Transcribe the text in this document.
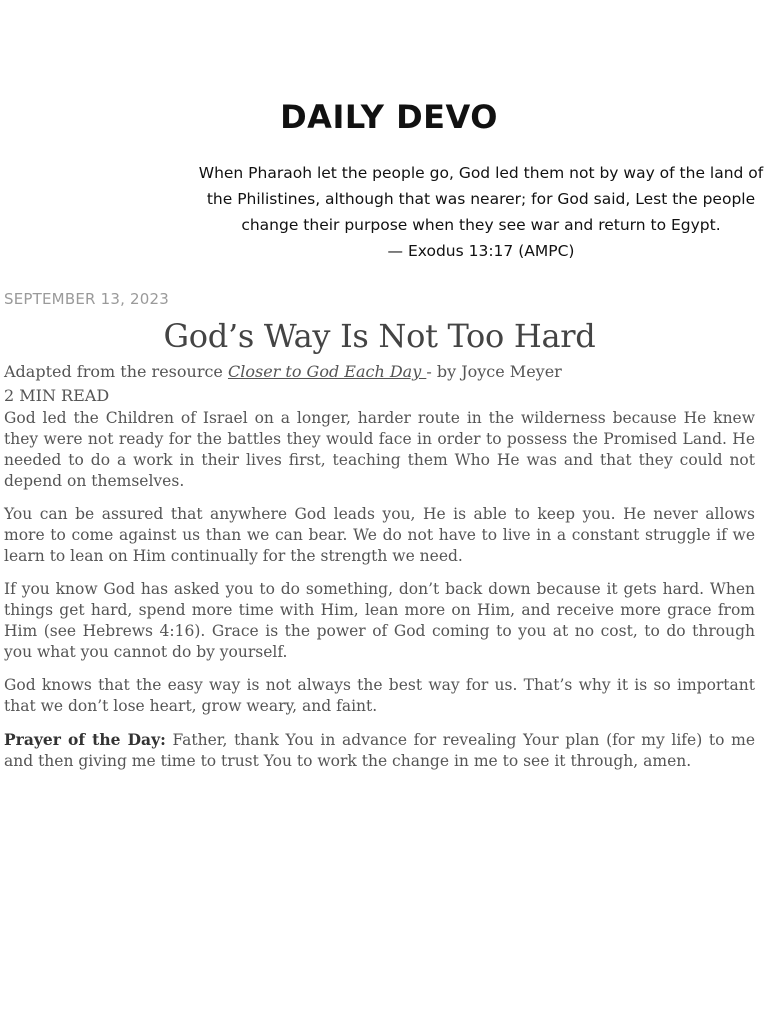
DAILY DEVO

When Pharaoh let the people go, God led them not by way of the land of the Philistines, although that was nearer; for God said, Lest the people change their purpose when they see war and return to Egypt.

— Exodus 13:17 (AMPC)

SEPTEMBER 13, 2023

God’s Way Is Not Too Hard

Adapted from the resource Closer to God Each Day - by Joyce Meyer

2 MIN READ

God led the Children of Israel on a longer, harder route in the wilderness because He knew they were not ready for the battles they would face in order to possess the Promised Land. He needed to do a work in their lives first, teaching them Who He was and that they could not depend on themselves.

You can be assured that anywhere God leads you, He is able to keep you. He never allows more to come against us than we can bear. We do not have to live in a constant struggle if we learn to lean on Him continually for the strength we need.

If you know God has asked you to do something, don’t back down because it gets hard. When things get hard, spend more time with Him, lean more on Him, and receive more grace from Him (see Hebrews 4:16). Grace is the power of God coming to you at no cost, to do through you what you cannot do by yourself.

God knows that the easy way is not always the best way for us. That’s why it is so important that we don’t lose heart, grow weary, and faint.

Prayer of the Day: Father, thank You in advance for revealing Your plan (for my life) to me and then giving me time to trust You to work the change in me to see it through, amen.
